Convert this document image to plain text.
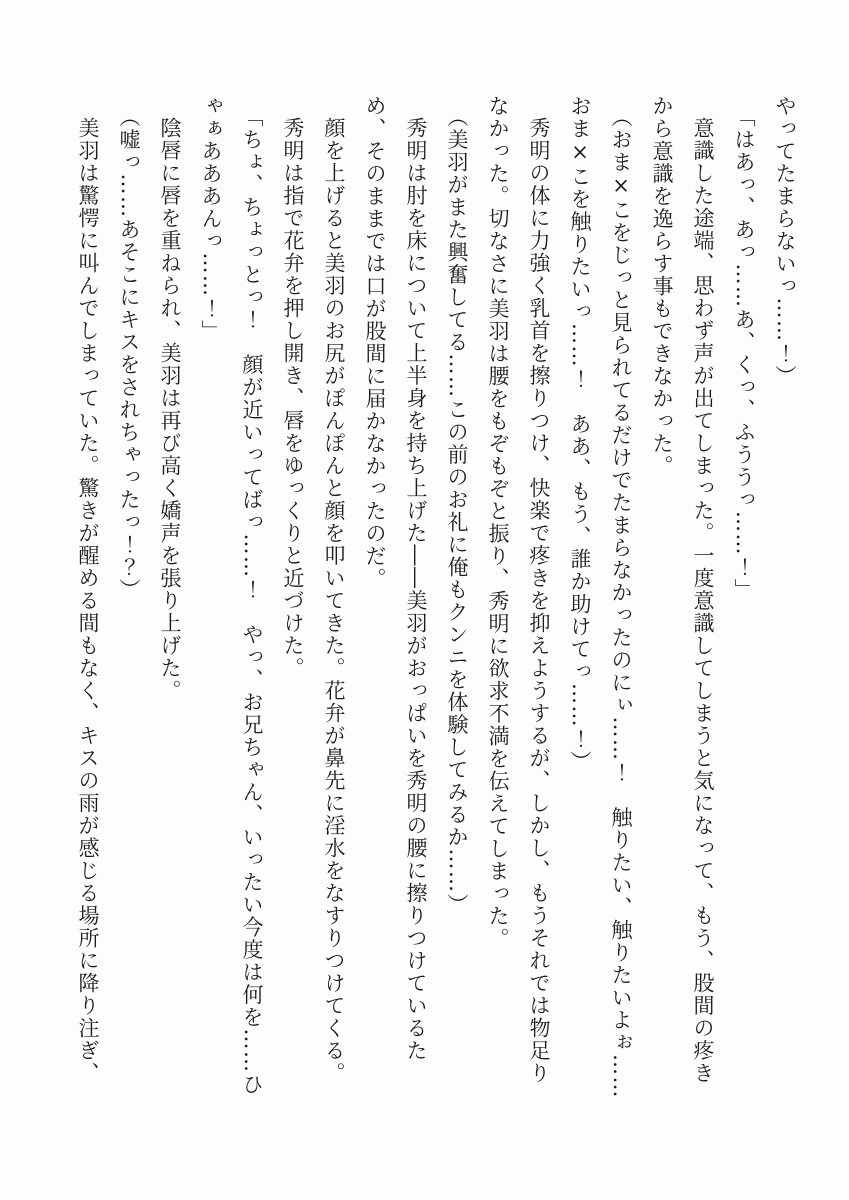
やってたまらないっ……！）

「はあっ、あっ……あ、くっ、ふううっ……！」

意識した途端、思わず声が出てしまった。一度意識してしまうと気になって、もう、股間の疼き

から意識を逸らす事もできなかった。

（おま×こをじっと見られてるだけでたまらなかったのにぃ……！　触りたい、触りたいよぉ……

おま×こを触りたいっ……！　ああ、もう、誰か助けてっ……！）

秀明の体に力強く乳首を擦りつけ、快楽で疼きを抑えようするが、しかし、もうそれでは物足り

なかった。切なさに美羽は腰をもぞもぞと振り、秀明に欲求不満を伝えてしまった。

（美羽がまた興奮してる……この前のお礼に俺もクンニを体験してみるか……）

秀明は肘を床について上半身を持ち上げた――美羽がおっぱいを秀明の腰に擦りつけているた

め、そのままでは口が股間に届かなかったのだ。

顔を上げると美羽のお尻がぽんぽんと顔を叩いてきた。花弁が鼻先に淫水をなすりつけてくる。

秀明は指で花弁を押し開き、唇をゆっくりと近づけた。

「ちょ、ちょっとっ！　顔が近いってばっ……！　やっ、お兄ちゃん、いったい今度は何を……ひ

ゃぁあああんっ……！」

陰唇に唇を重ねられ、美羽は再び高く嬌声を張り上げた。

（嘘っ……あそこにキスをされちゃったっ！？）

美羽は驚愕に叫んでしまっていた。驚きが醒める間もなく、キスの雨が感じる場所に降り注ぎ、
